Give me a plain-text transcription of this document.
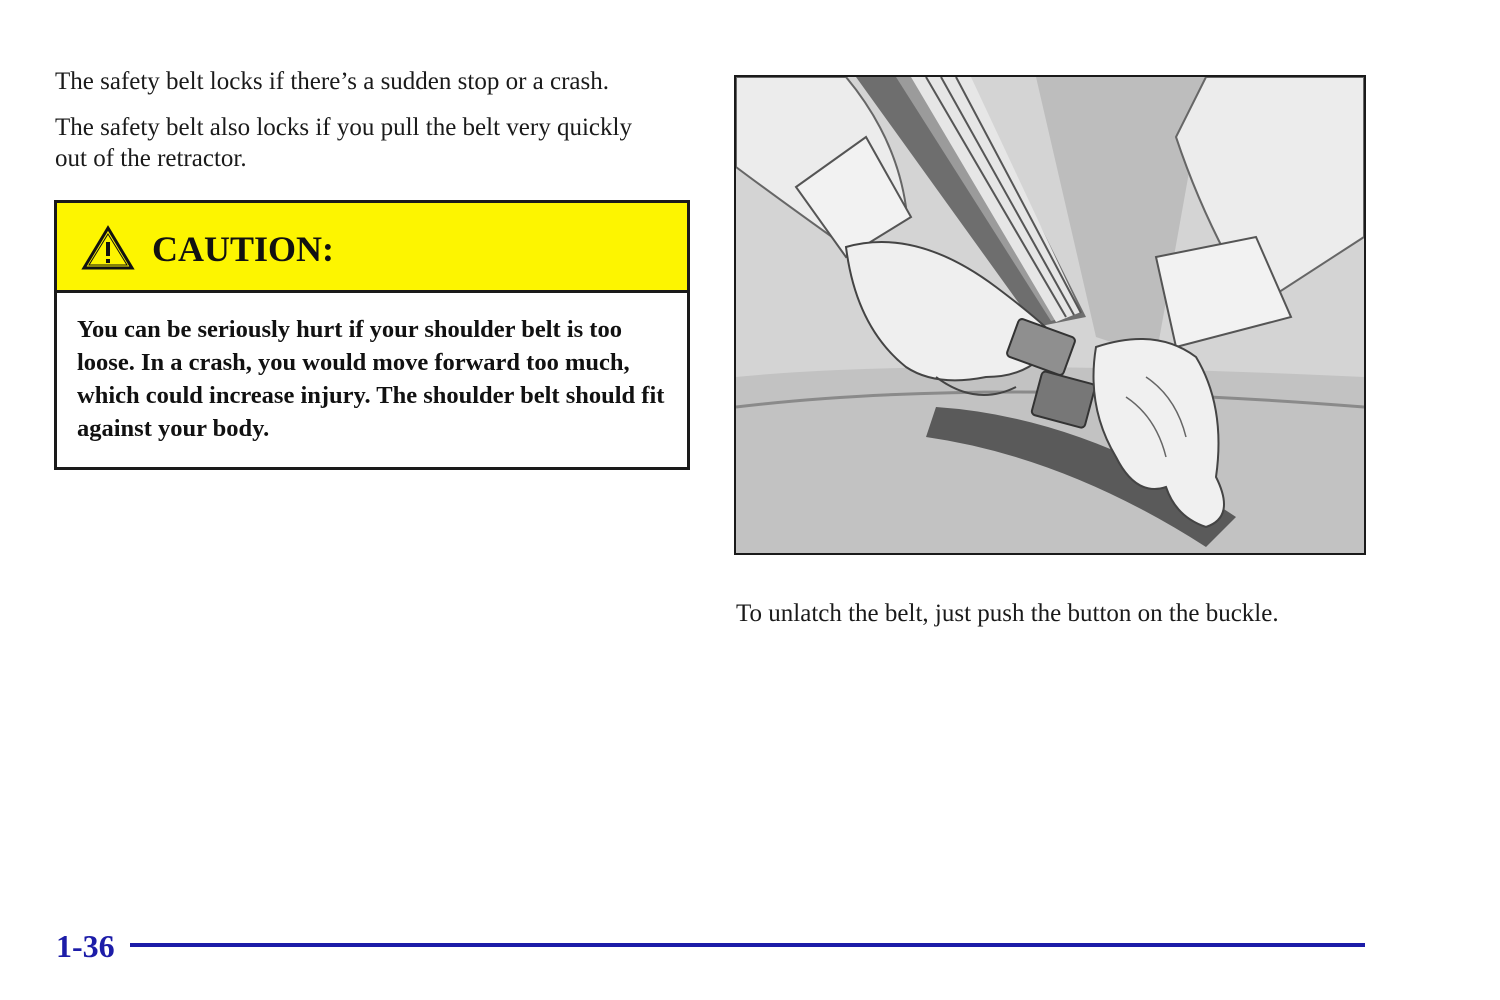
The safety belt locks if there’s a sudden stop or a crash.

The safety belt also locks if you pull the belt very quickly out of the retractor.

CAUTION:
You can be seriously hurt if your shoulder belt is too loose. In a crash, you would move forward too much, which could increase injury. The shoulder belt should fit against your body.

To unlatch the belt, just push the button on the buckle.

1-36
